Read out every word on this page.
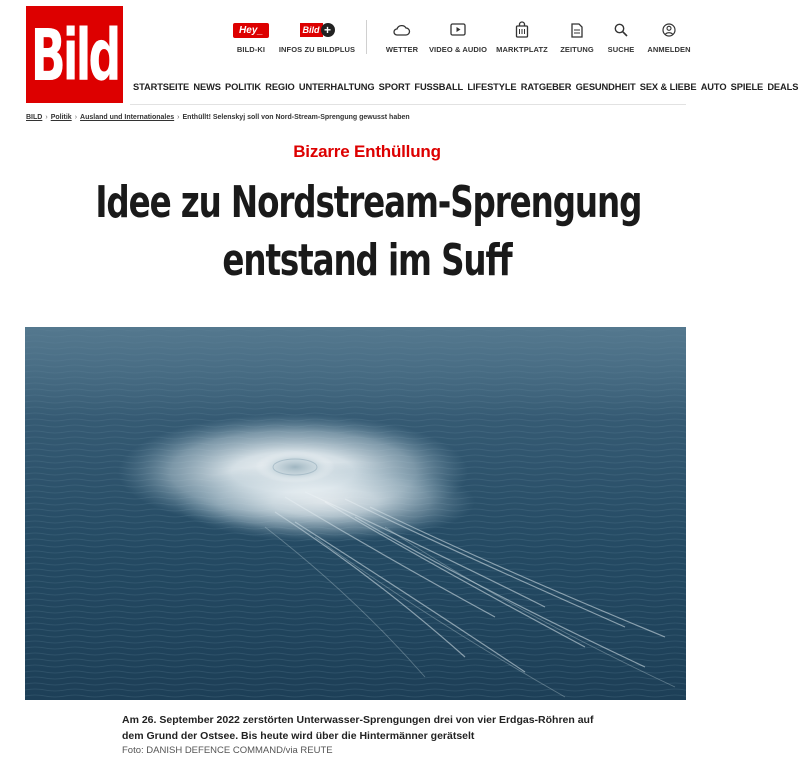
Bild	Hey_
BILD-KI
Bild +
INFOS ZU BILDPLUS	WETTER VIDEO & AUDIO MARKTPLATZ ZEITUNG SUCHE ANMELDEN
STARTSEITE NEWS POLITIK REGIO UNTERHALTUNG SPORT FUSSBALL LIFESTYLE RATGEBER GESUNDHEIT SEX & LIEBE AUTO SPIELE DEALS
BILD › Politik › Ausland und Internationales › Enthüllt! Selenskyj soll von Nord-Stream-Sprengung gewusst haben
Bizarre Enthüllung
Idee zu Nordstream-Sprengung
entstand im Suff

Am 26. September 2022 zerstörten Unterwasser-Sprengungen drei von vier Erdgas-Röhren auf dem Grund der Ostsee. Bis heute wird über die Hintermänner gerätselt

Foto: DANISH DEFENCE COMMAND/via REUTE
